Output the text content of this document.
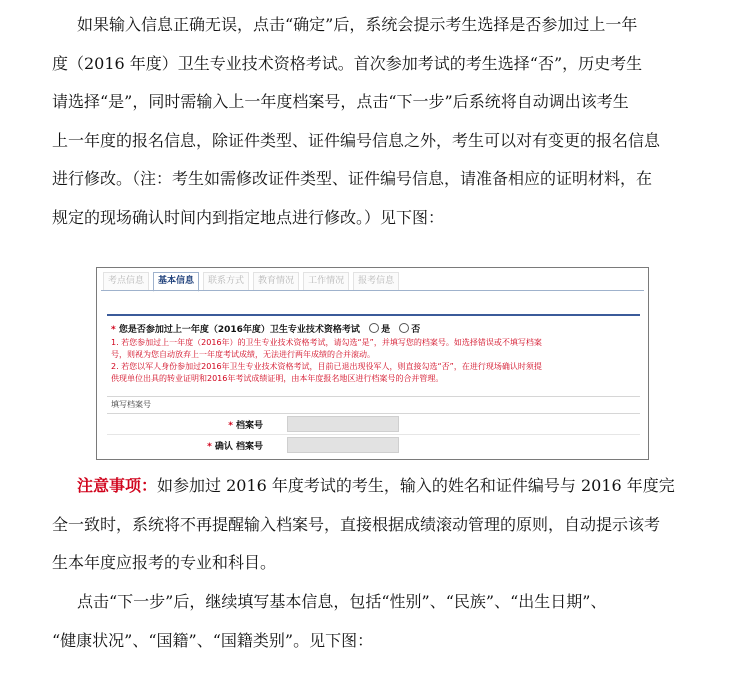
如果输入信息正确无误，点击“确定”后，系统会提示考生选择是否参加过上一年
度（2016 年度）卫生专业技术资格考试。首次参加考试的考生选择“否”，历史考生
请选择“是”，同时需输入上一年度档案号，点击“下一步”后系统将自动调出该考生
上一年度的报名信息，除证件类型、证件编号信息之外，考生可以对有变更的报名信息
进行修改。（注：考生如需修改证件类型、证件编号信息，请准备相应的证明材料，在
规定的现场确认时间内到指定地点进行修改。）见下图：
考点信息	基本信息	联系方式	教育情况	工作情况	报考信息
* 您是否参加过上一年度（2016年度）卫生专业技术资格考试 是 否
1. 若您参加过上一年度（2016年）的卫生专业技术资格考试，请勾选“是”，并填写您的档案号。如选择错误或不填写档案
号，则视为您自动放弃上一年度考试成绩，无法进行两年成绩的合并滚动。
2. 若您以军人身份参加过2016年卫生专业技术资格考试，目前已退出现役军人，则直接勾选“否”，在进行现场确认时须提
供现单位出具的转业证明和2016年考试成绩证明，由本年度报名地区进行档案号的合并管理。
填写档案号
* 档案号
* 确认 档案号
注意事项：如参加过 2016 年度考试的考生，输入的姓名和证件编号与 2016 年度完
全一致时，系统将不再提醒输入档案号，直接根据成绩滚动管理的原则，自动提示该考
生本年度应报考的专业和科目。
点击“下一步”后，继续填写基本信息，包括“性别”、“民族”、“出生日期”、
“健康状况”、“国籍”、“国籍类别”。见下图：
